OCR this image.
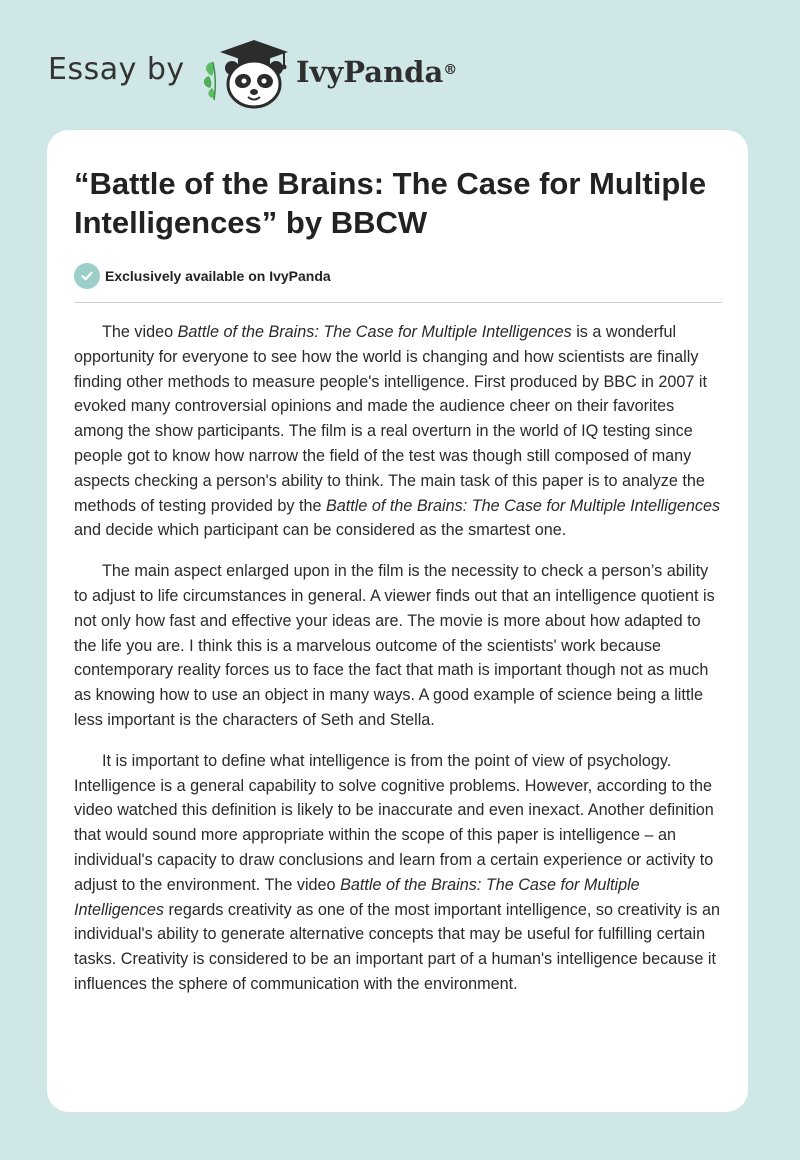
Essay by	IvyPanda®
“Battle of the Brains: The Case for Multiple Intelligences” by BBCW
Exclusively available on IvyPanda

The video Battle of the Brains: The Case for Multiple Intelligences is a wonderful opportunity for everyone to see how the world is changing and how scientists are finally finding other methods to measure people's intelligence. First produced by BBC in 2007 it evoked many controversial opinions and made the audience cheer on their favorites among the show participants. The film is a real overturn in the world of IQ testing since people got to know how narrow the field of the test was though still composed of many aspects checking a person's ability to think. The main task of this paper is to analyze the methods of testing provided by the Battle of the Brains: The Case for Multiple Intelligences and decide which participant can be considered as the smartest one.

The main aspect enlarged upon in the film is the necessity to check a person’s ability to adjust to life circumstances in general. A viewer finds out that an intelligence quotient is not only how fast and effective your ideas are. The movie is more about how adapted to the life you are. I think this is a marvelous outcome of the scientists' work because contemporary reality forces us to face the fact that math is important though not as much as knowing how to use an object in many ways. A good example of science being a little less important is the characters of Seth and Stella.

It is important to define what intelligence is from the point of view of psychology. Intelligence is a general capability to solve cognitive problems. However, according to the video watched this definition is likely to be inaccurate and even inexact. Another definition that would sound more appropriate within the scope of this paper is intelligence – an individual's capacity to draw conclusions and learn from a certain experience or activity to adjust to the environment. The video Battle of the Brains: The Case for Multiple Intelligences regards creativity as one of the most important intelligence, so creativity is an individual's ability to generate alternative concepts that may be useful for fulfilling certain tasks. Creativity is considered to be an important part of a human's intelligence because it influences the sphere of communication with the environment.
